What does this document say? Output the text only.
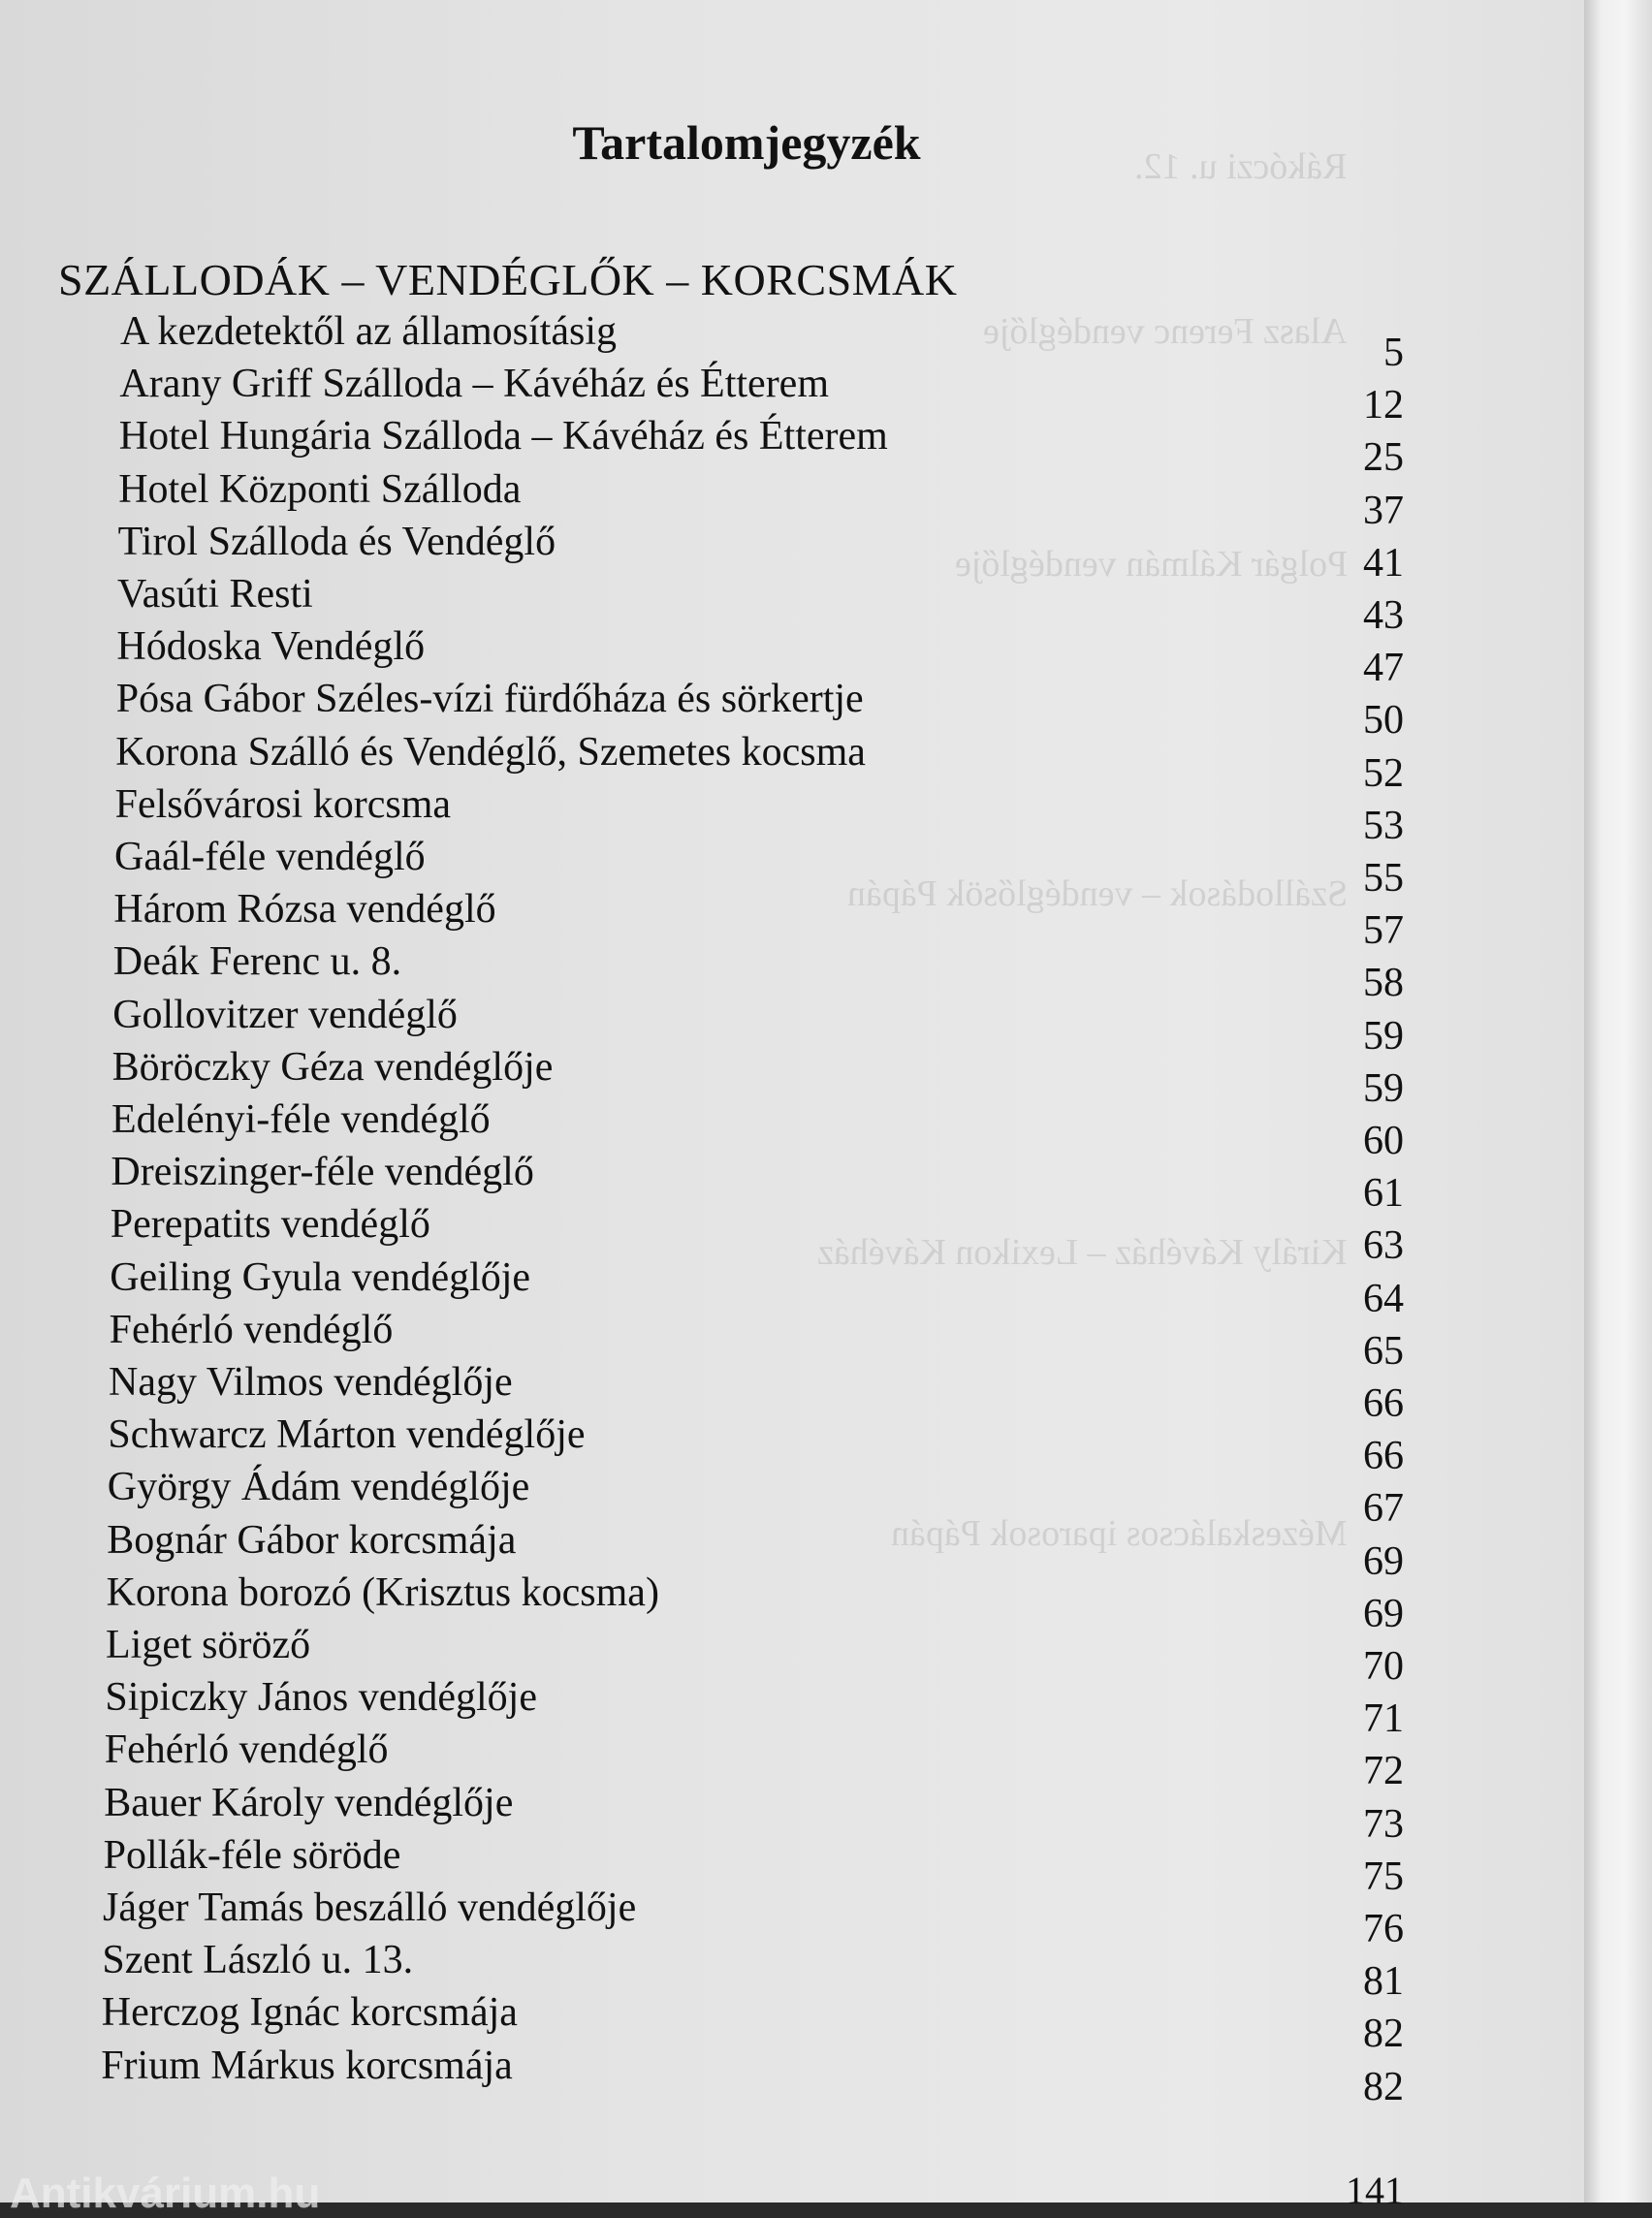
Rákóczi u. 12.
Alasz Ferenc vendéglője
Polgár Kálmán vendéglője
Szállodások – vendéglősök Pápán
Király Kávéház – Lexikon Kávéház
Mézeskalácsos iparosok Pápán
Tartalomjegyzék
SZÁLLODÁK – VENDÉGLŐK – KORCSMÁK
A kezdetektől az államosításig	5
Arany Griff Szálloda – Kávéház és Étterem	12
Hotel Hungária Szálloda – Kávéház és Étterem	25
Hotel Központi Szálloda	37
Tirol Szálloda és Vendéglő	41
Vasúti Resti	43
Hódoska Vendéglő	47
Pósa Gábor Széles-vízi fürdőháza és sörkertje	50
Korona Szálló és Vendéglő, Szemetes kocsma	52
Felsővárosi korcsma	53
Gaál-féle vendéglő	55
Három Rózsa vendéglő	57
Deák Ferenc u. 8.	58
Gollovitzer vendéglő	59
Böröczky Géza vendéglője	59
Edelényi-féle vendéglő	60
Dreiszinger-féle vendéglő	61
Perepatits vendéglő	63
Geiling Gyula vendéglője	64
Fehérló vendéglő	65
Nagy Vilmos vendéglője	66
Schwarcz Márton vendéglője	66
György Ádám vendéglője	67
Bognár Gábor korcsmája	69
Korona borozó (Krisztus kocsma)	69
Liget söröző	70
Sipiczky János vendéglője	71
Fehérló vendéglő	72
Bauer Károly vendéglője	73
Pollák-féle söröde	75
Jáger Tamás beszálló vendéglője	76
Szent László u. 13.	81
Herczog Ignác korcsmája	82
Frium Márkus korcsmája	82
141
Antikvárium.hu
